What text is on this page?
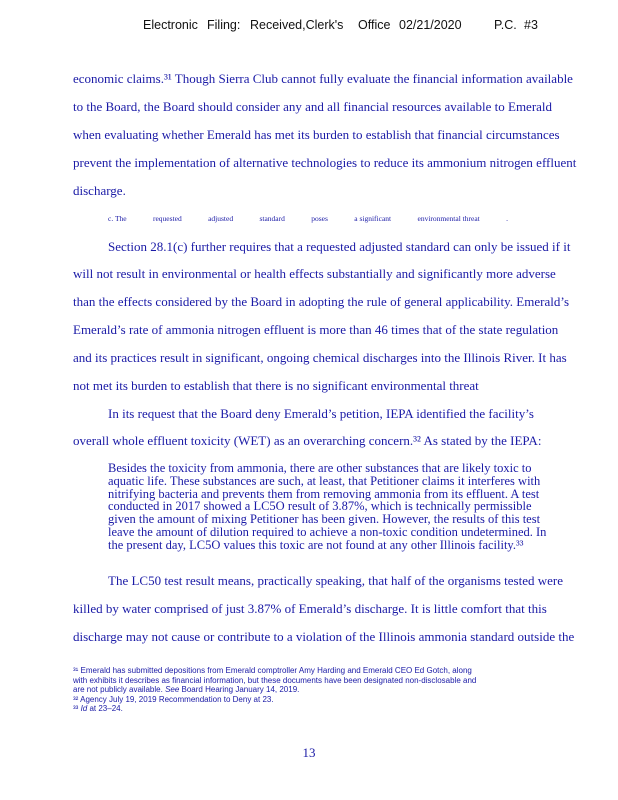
Electronic Filing: Received,Clerk's Office 02/21/2020	P.C. #3
economic claims.³¹ Though Sierra Club cannot fully evaluate the financial information available
to the Board, the Board should consider any and all financial resources available to Emerald
when evaluating whether Emerald has met its burden to establish that financial circumstances
prevent the implementation of alternative technologies to reduce its ammonium nitrogen effluent
discharge.
c. The	requested	adjusted	standard	poses	a significant	environmental threat	.
Section 28.1(c) further requires that a requested adjusted standard can only be issued if it
will not result in environmental or health effects substantially and significantly more adverse
than the effects considered by the Board in adopting the rule of general applicability. Emerald’s
Emerald’s rate of ammonia nitrogen effluent is more than 46 times that of the state regulation
and its practices result in significant, ongoing chemical discharges into the Illinois River. It has
not met its burden to establish that there is no significant environmental threat
In its request that the Board deny Emerald’s petition, IEPA identified the facility’s
overall whole effluent toxicity (WET) as an overarching concern.³² As stated by the IEPA:
Besides the toxicity from ammonia, there are other substances that are likely toxic to
aquatic life. These substances are such, at least, that Petitioner claims it interferes with
nitrifying bacteria and prevents them from removing ammonia from its effluent. A test
conducted in 2017 showed a LC5O result of 3.87%, which is technically permissible
given the amount of mixing Petitioner has been given. However, the results of this test
leave the amount of dilution required to achieve a non-toxic condition undetermined. In
the present day, LC5O values this toxic are not found at any other Illinois facility.³³
The LC50 test result means, practically speaking, that half of the organisms tested were
killed by water comprised of just 3.87% of Emerald’s discharge. It is little comfort that this
discharge may not cause or contribute to a violation of the Illinois ammonia standard outside the
³¹ Emerald has submitted depositions from Emerald comptroller Amy Harding and Emerald CEO Ed Gotch, along
with exhibits it describes as financial information, but these documents have been designated non-disclosable and
are not publicly available. See Board Hearing January 14, 2019.
³² Agency July 19, 2019 Recommendation to Deny at 23.
³³ Id at 23–24.
13
